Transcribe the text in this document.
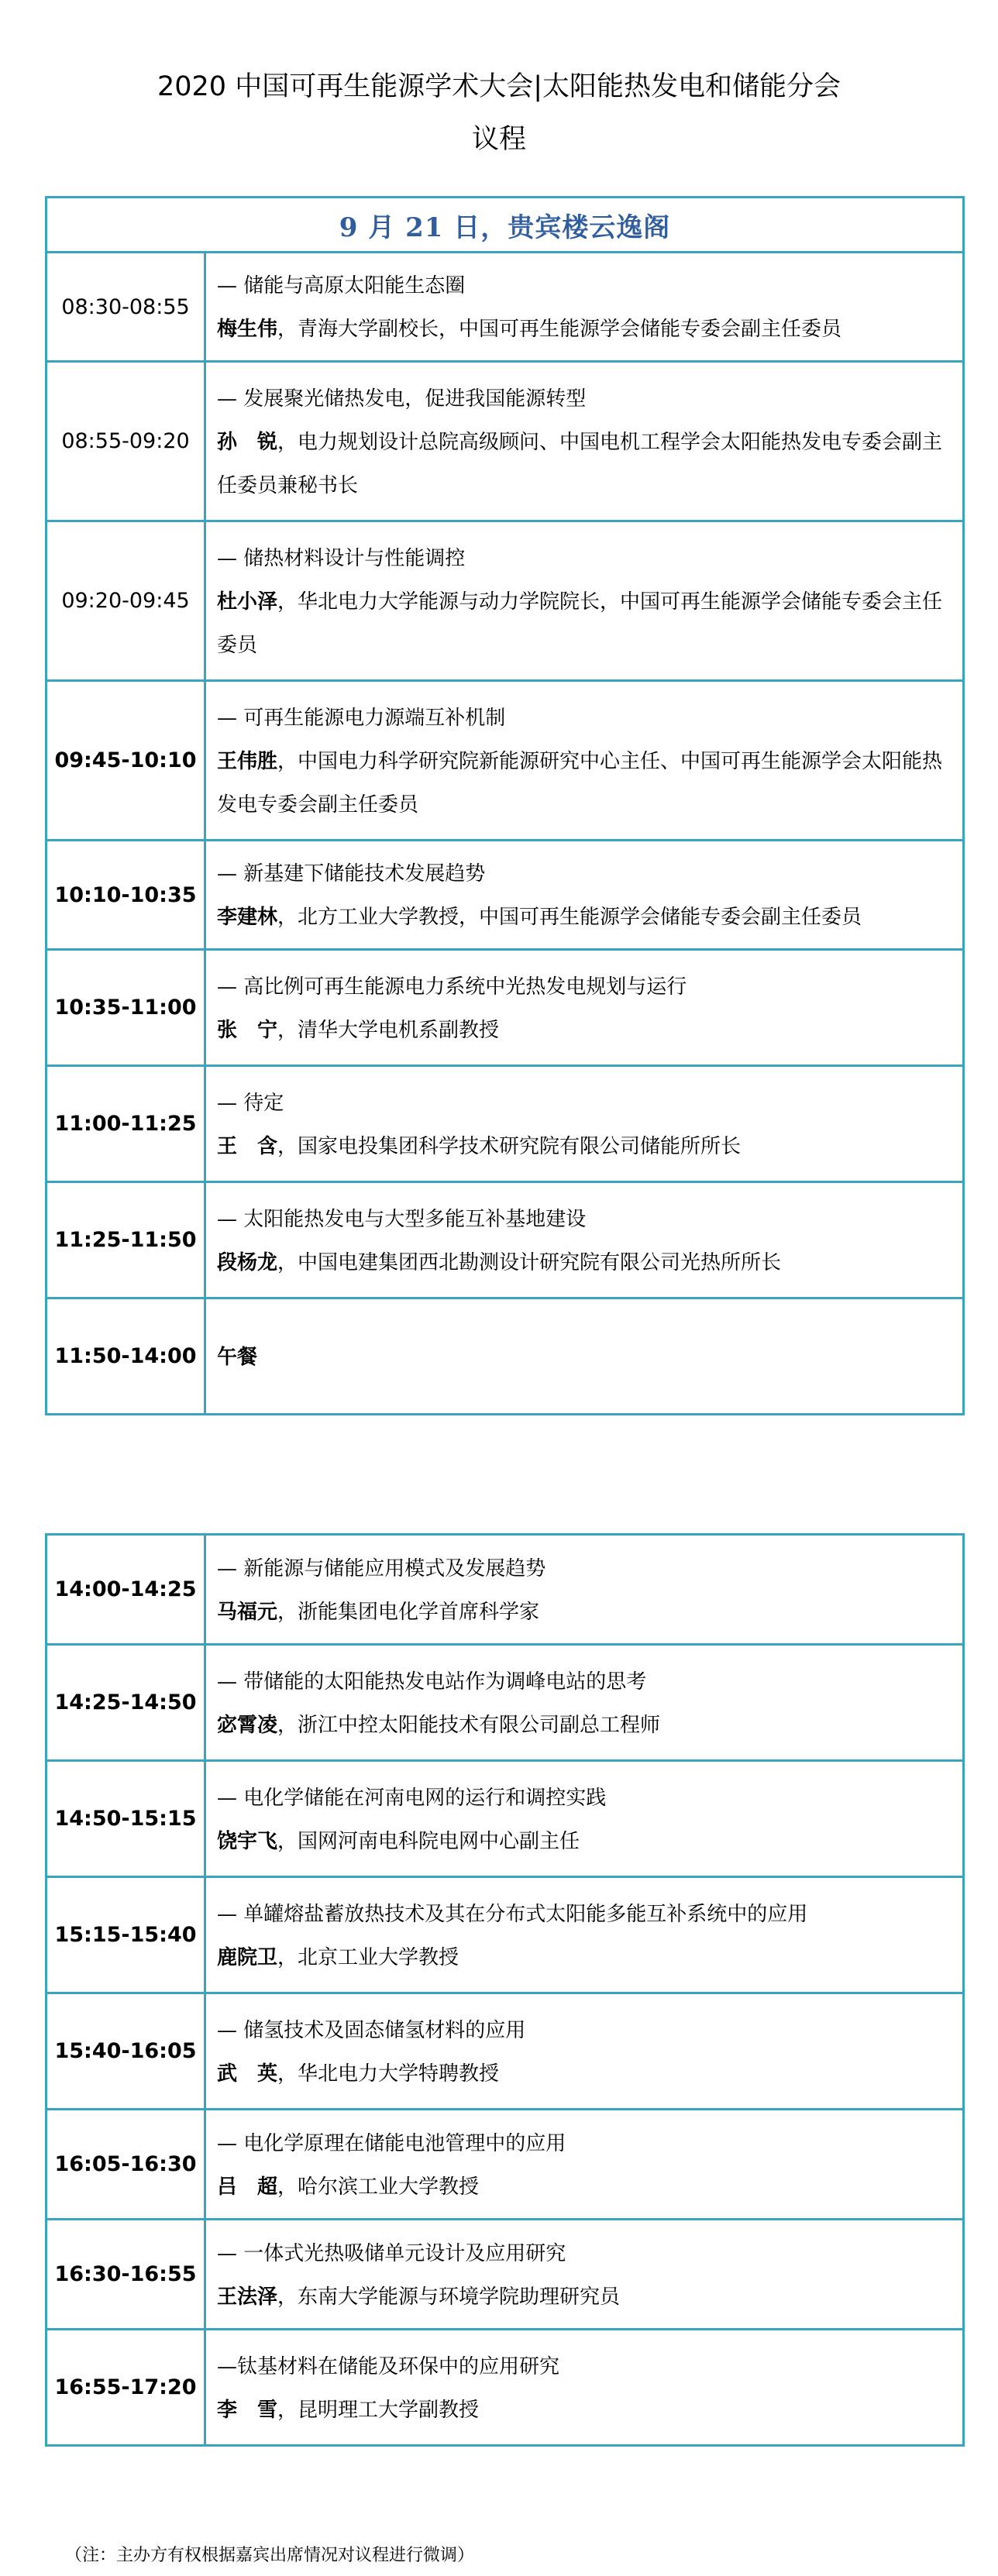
2020 中国可再生能源学术大会|太阳能热发电和储能分会
议程
9 月 21 日，贵宾楼云逸阁	
08:30-08:55	— 储能与高原太阳能生态圈
梅生伟，青海大学副校长，中国可再生能源学会储能专委会副主任委员

08:55-09:20	— 发展聚光储热发电，促进我国能源转型
孙　锐，电力规划设计总院高级顾问、中国电机工程学会太阳能热发电专委会副主任委员兼秘书长

09:20-09:45	— 储热材料设计与性能调控
杜小泽，华北电力大学能源与动力学院院长，中国可再生能源学会储能专委会主任委员

09:45-10:10	— 可再生能源电力源端互补机制
王伟胜，中国电力科学研究院新能源研究中心主任、中国可再生能源学会太阳能热发电专委会副主任委员

10:10-10:35	— 新基建下储能技术发展趋势
李建林，北方工业大学教授，中国可再生能源学会储能专委会副主任委员

10:35-11:00	— 高比例可再生能源电力系统中光热发电规划与运行
张　宁，清华大学电机系副教授

11:00-11:25	— 待定
王　含，国家电投集团科学技术研究院有限公司储能所所长

11:25-11:50	— 太阳能热发电与大型多能互补基地建设
段杨龙，中国电建集团西北勘测设计研究院有限公司光热所所长

11:50-14:00	午餐
14:00-14:25	— 新能源与储能应用模式及发展趋势
马福元，浙能集团电化学首席科学家

14:25-14:50	— 带储能的太阳能热发电站作为调峰电站的思考
宓霄凌，浙江中控太阳能技术有限公司副总工程师

14:50-15:15	— 电化学储能在河南电网的运行和调控实践
饶宇飞，国网河南电科院电网中心副主任

15:15-15:40	— 单罐熔盐蓄放热技术及其在分布式太阳能多能互补系统中的应用
鹿院卫，北京工业大学教授

15:40-16:05	— 储氢技术及固态储氢材料的应用
武　英，华北电力大学特聘教授

16:05-16:30	— 电化学原理在储能电池管理中的应用
吕　超，哈尔滨工业大学教授

16:30-16:55	— 一体式光热吸储单元设计及应用研究
王法泽，东南大学能源与环境学院助理研究员

16:55-17:20	—钛基材料在储能及环保中的应用研究
李　雪，昆明理工大学副教授
（注：主办方有权根据嘉宾出席情况对议程进行微调）
